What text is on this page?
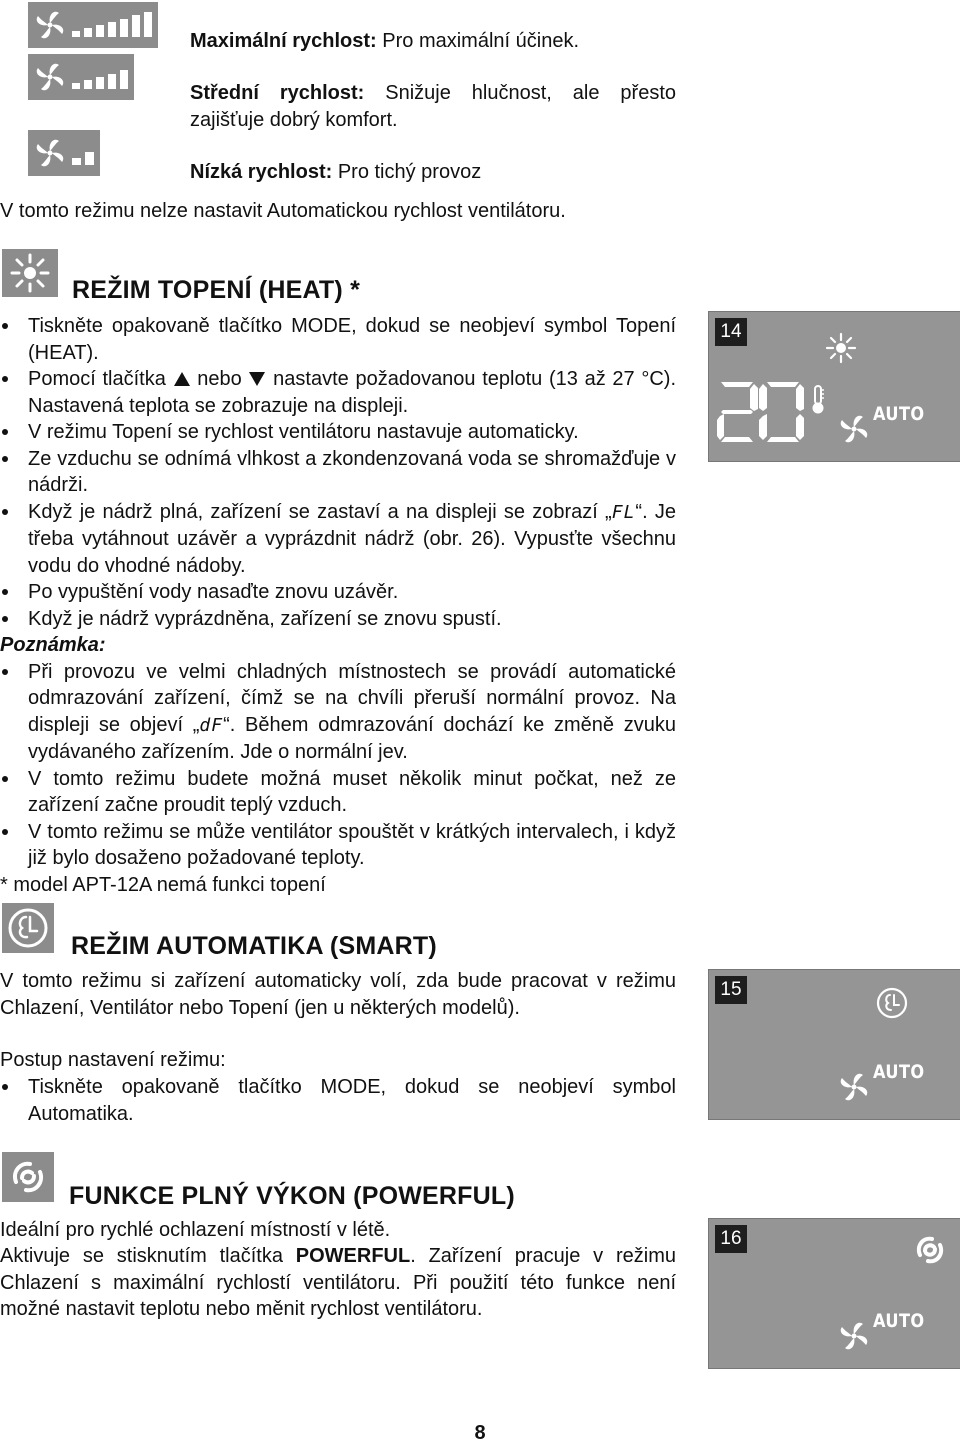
Maximální rychlost: Pro maximální účinek.
Střední rychlost: Snižuje hlučnost, ale přesto zajišťuje dobrý komfort.
Nízká rychlost: Pro tichý provoz
V tomto režimu nelze nastavit Automatickou rychlost ventilátoru.
REŽIM TOPENÍ (HEAT) *
Tiskněte opakovaně tlačítko MODE, dokud se neobjeví symbol Topení (HEAT).
Pomocí tlačítka  nebo  nastavte požadovanou teplotu (13 až 27 °C). Nastavená teplota se zobrazuje na displeji.
V režimu Topení se rychlost ventilátoru nastavuje automaticky.
Ze vzduchu se odnímá vlhkost a zkondenzovaná voda se shromažďuje v nádrži.
Když je nádrž plná, zařízení se zastaví a na displeji se zobrazí „FL“. Je třeba vytáhnout uzávěr a vyprázdnit nádrž (obr. 26). Vypusťte všechnu vodu do vhodné nádoby.
Po vypuštění vody nasaďte znovu uzávěr.
Když je nádrž vyprázdněna, zařízení se znovu spustí.
Poznámka:
Při provozu ve velmi chladných místnostech se provádí automatické odmrazování zařízení, čímž se na chvíli přeruší normální provoz. Na displeji se objeví „dF“. Během odmrazování dochází ke změně zvuku vydávaného zařízením. Jde o normální jev.
V tomto režimu budete možná muset několik minut počkat, než ze zařízení začne proudit teplý vzduch.
V tomto režimu se může ventilátor spouštět v krátkých intervalech, i když již bylo dosaženo požadované teploty.
* model APT-12A nemá funkci topení
14
AUTO
REŽIM AUTOMATIKA (SMART)
V tomto režimu si zařízení automaticky volí, zda bude pracovat v režimu Chlazení, Ventilátor nebo Topení (jen u některých modelů).
Postup nastavení režimu:
Tiskněte opakovaně tlačítko MODE, dokud se neobjeví symbol Automatika.
15
AUTO
FUNKCE PLNÝ VÝKON (POWERFUL)
Ideální pro rychlé ochlazení místností v létě.
Aktivuje se stisknutím tlačítka POWERFUL. Zařízení pracuje v režimu Chlazení s maximální rychlostí ventilátoru. Při použití této funkce není možné nastavit teplotu nebo měnit rychlost ventilátoru.
16
AUTO
8
